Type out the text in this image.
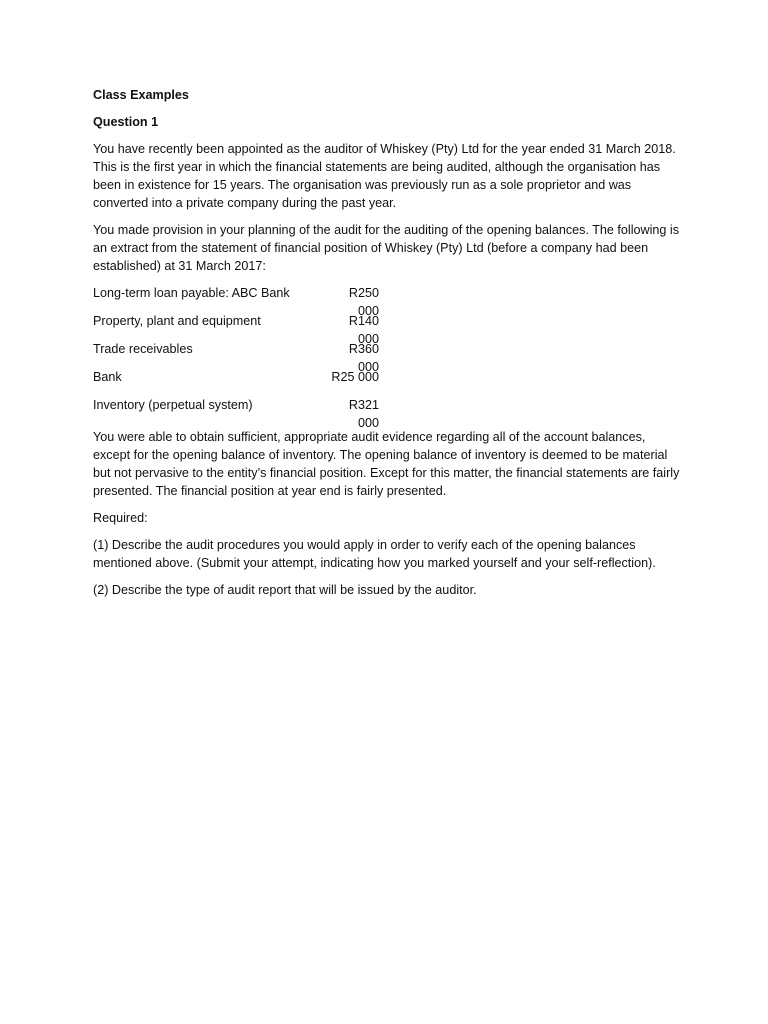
Class Examples
Question 1
You have recently been appointed as the auditor of Whiskey (Pty) Ltd for the year ended 31 March 2018. This is the first year in which the financial statements are being audited, although the organisation has been in existence for 15 years. The organisation was previously run as a sole proprietor and was converted into a private company during the past year.
You made provision in your planning of the audit for the auditing of the opening balances. The following is an extract from the statement of financial position of Whiskey (Pty) Ltd (before a company had been established) at 31 March 2017:
Long-term loan payable: ABC Bank	R250 000
Property, plant and equipment	R140 000
Trade receivables	R360 000
Bank	R25 000
Inventory (perpetual system)	R321 000
You were able to obtain sufficient, appropriate audit evidence regarding all of the account balances, except for the opening balance of inventory. The opening balance of inventory is deemed to be material but not pervasive to the entity’s financial position. Except for this matter, the financial statements are fairly presented. The financial position at year end is fairly presented.
Required:
(1) Describe the audit procedures you would apply in order to verify each of the opening balances mentioned above. (Submit your attempt, indicating how you marked yourself and your self-reflection).
(2) Describe the type of audit report that will be issued by the auditor.
